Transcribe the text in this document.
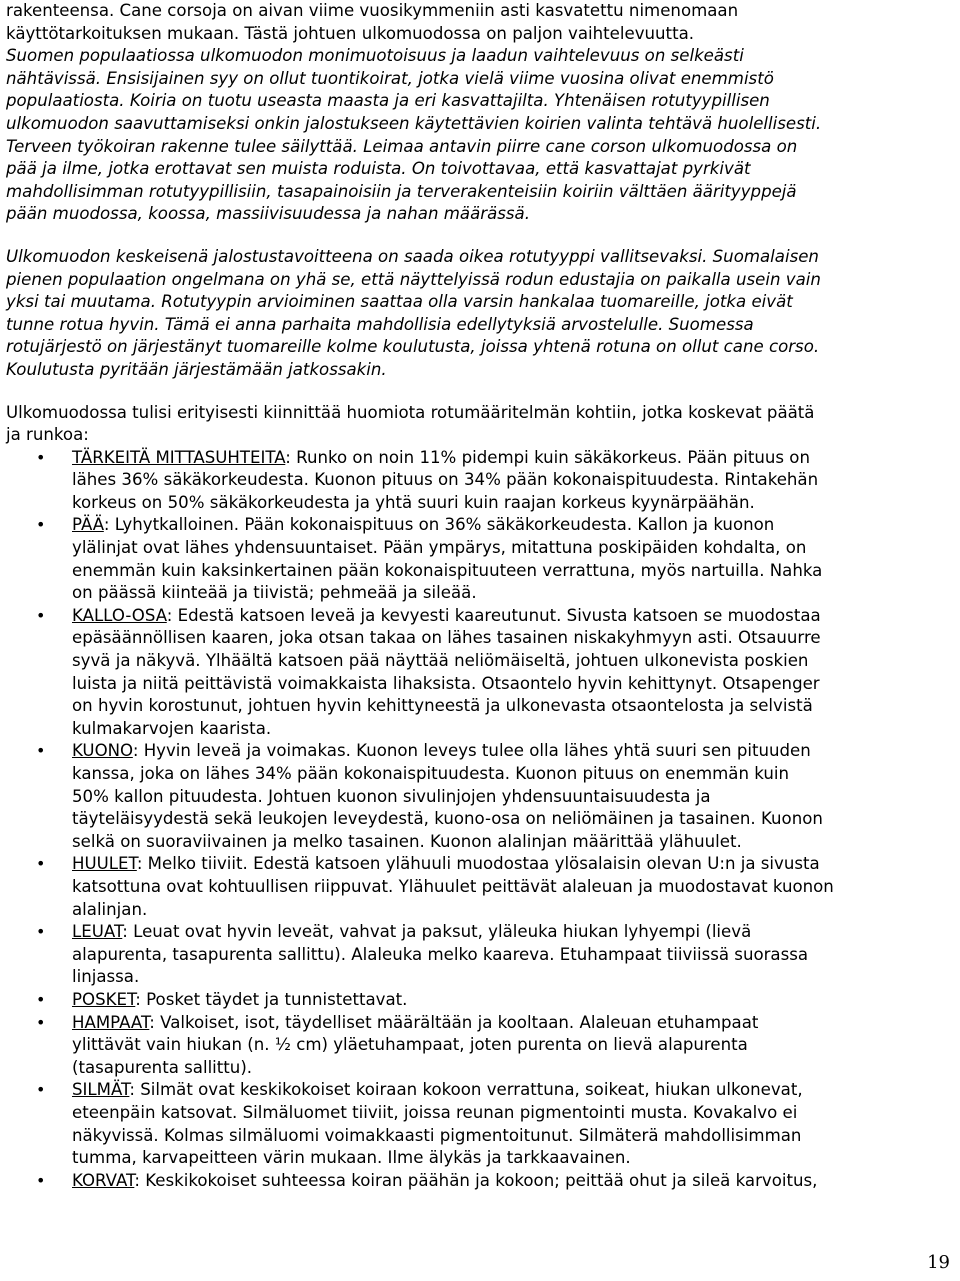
rakenteensa. Cane corsoja on aivan viime vuosikymmeniin asti kasvatettu nimenomaan
käyttötarkoituksen mukaan. Tästä johtuen ulkomuodossa on paljon vaihtelevuutta.
Suomen populaatiossa ulkomuodon monimuotoisuus ja laadun vaihtelevuus on selkeästi
nähtävissä. Ensisijainen syy on ollut tuontikoirat, jotka vielä viime vuosina olivat enemmistö
populaatiosta. Koiria on tuotu useasta maasta ja eri kasvattajilta. Yhtenäisen rotutyypillisen
ulkomuodon saavuttamiseksi onkin jalostukseen käytettävien koirien valinta tehtävä huolellisesti.
Terveen työkoiran rakenne tulee säilyttää. Leimaa antavin piirre cane corson ulkomuodossa on
pää ja ilme, jotka erottavat sen muista roduista. On toivottavaa, että kasvattajat pyrkivät
mahdollisimman rotutyypillisiin, tasapainoisiin ja terverakenteisiin koiriin välttäen äärityyppejä
pään muodossa, koossa, massiivisuudessa ja nahan määrässä.
Ulkomuodon keskeisenä jalostustavoitteena on saada oikea rotutyyppi vallitsevaksi. Suomalaisen
pienen populaation ongelmana on yhä se, että näyttelyissä rodun edustajia on paikalla usein vain
yksi tai muutama. Rotutyypin arvioiminen saattaa olla varsin hankalaa tuomareille, jotka eivät
tunne rotua hyvin. Tämä ei anna parhaita mahdollisia edellytyksiä arvostelulle. Suomessa
rotujärjestö on järjestänyt tuomareille kolme koulutusta, joissa yhtenä rotuna on ollut cane corso.
Koulutusta pyritään järjestämään jatkossakin.
Ulkomuodossa tulisi erityisesti kiinnittää huomiota rotumääritelmän kohtiin, jotka koskevat päätä
ja runkoa:
• TÄRKEITÄ MITTASUHTEITA: Runko on noin 11% pidempi kuin säkäkorkeus. Pään pituus on
lähes 36% säkäkorkeudesta. Kuonon pituus on 34% pään kokonaispituudesta. Rintakehän
korkeus on 50% säkäkorkeudesta ja yhtä suuri kuin raajan korkeus kyynärpäähän.
• PÄÄ: Lyhytkalloinen. Pään kokonaispituus on 36% säkäkorkeudesta. Kallon ja kuonon
ylälinjat ovat lähes yhdensuuntaiset. Pään ympärys, mitattuna poskipäiden kohdalta, on
enemmän kuin kaksinkertainen pään kokonaispituuteen verrattuna, myös nartuilla. Nahka
on päässä kiinteää ja tiivistä; pehmeää ja sileää.
• KALLO-OSA: Edestä katsoen leveä ja kevyesti kaareutunut. Sivusta katsoen se muodostaa
epäsäännöllisen kaaren, joka otsan takaa on lähes tasainen niskakyhmyyn asti. Otsauurre
syvä ja näkyvä. Ylhäältä katsoen pää näyttää neliömäiseltä, johtuen ulkonevista poskien
luista ja niitä peittävistä voimakkaista lihaksista. Otsaontelo hyvin kehittynyt. Otsapenger
on hyvin korostunut, johtuen hyvin kehittyneestä ja ulkonevasta otsaontelosta ja selvistä
kulmakarvojen kaarista.
• KUONO: Hyvin leveä ja voimakas. Kuonon leveys tulee olla lähes yhtä suuri sen pituuden
kanssa, joka on lähes 34% pään kokonaispituudesta. Kuonon pituus on enemmän kuin
50% kallon pituudesta. Johtuen kuonon sivulinjojen yhdensuuntaisuudesta ja
täyteläisyydestä sekä leukojen leveydestä, kuono-osa on neliömäinen ja tasainen. Kuonon
selkä on suoraviivainen ja melko tasainen. Kuonon alalinjan määrittää ylähuulet.
• HUULET: Melko tiiviit. Edestä katsoen ylähuuli muodostaa ylösalaisin olevan U:n ja sivusta
katsottuna ovat kohtuullisen riippuvat. Ylähuulet peittävät alaleuan ja muodostavat kuonon
alalinjan.
• LEUAT: Leuat ovat hyvin leveät, vahvat ja paksut, yläleuka hiukan lyhyempi (lievä
alapurenta, tasapurenta sallittu). Alaleuka melko kaareva. Etuhampaat tiiviissä suorassa
linjassa.
• POSKET: Posket täydet ja tunnistettavat.
• HAMPAAT: Valkoiset, isot, täydelliset määrältään ja kooltaan. Alaleuan etuhampaat
ylittävät vain hiukan (n. ½ cm) yläetuhampaat, joten purenta on lievä alapurenta
(tasapurenta sallittu).
• SILMÄT: Silmät ovat keskikokoiset koiraan kokoon verrattuna, soikeat, hiukan ulkonevat,
eteenpäin katsovat. Silmäluomet tiiviit, joissa reunan pigmentointi musta. Kovakalvo ei
näkyvissä. Kolmas silmäluomi voimakkaasti pigmentoitunut. Silmäterä mahdollisimman
tumma, karvapeitteen värin mukaan. Ilme älykäs ja tarkkaavainen.
• KORVAT: Keskikokoiset suhteessa koiran päähän ja kokoon; peittää ohut ja sileä karvoitus,
19
